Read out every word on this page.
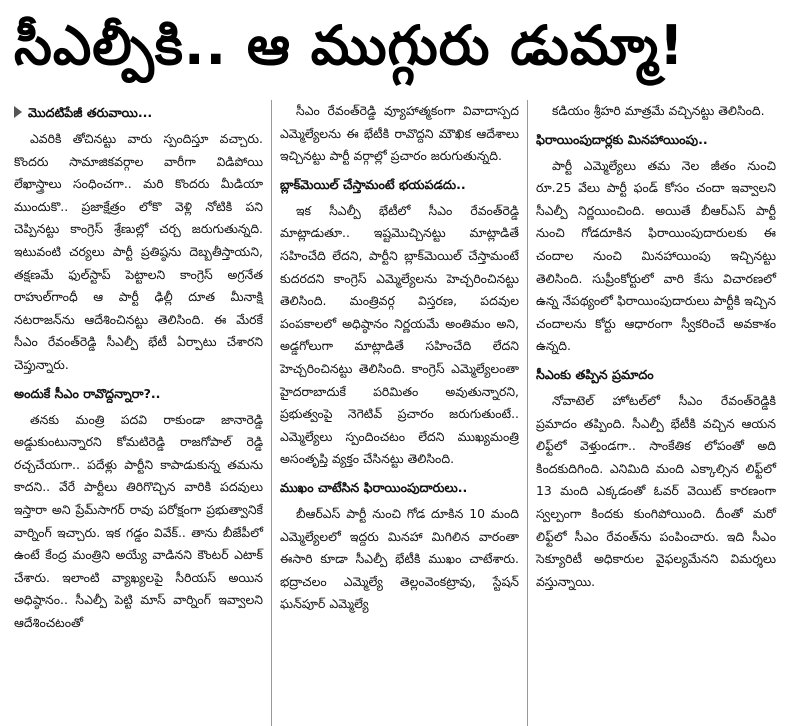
సీఎల్పీకి.. ఆ ముగ్గురు డుమ్మా!
మొదటిపేజీ తరువాయి...

ఎవరికి తోచినట్టు వారు స్పందిస్తూ వచ్చారు. కొందరు సామాజికవర్గాల వారీగా విడిపోయి లేఖాస్త్రాలు సంధించగా.. మరి కొందరు మీడియా ముందుకొ.. ప్రజాక్షేత్రం లోకొ వెళ్లి నోటికి పని చెప్పినట్టు కాంగ్రెస్ శ్రేణుల్లో చర్చ జరుగుతున్నది. ఇటువంటి చర్యలు పార్టీ ప్రతిష్ఠను దెబ్బతీస్తాయని, తక్షణమే ఫుల్‌స్టాప్ పెట్టాలని కాంగ్రెస్ అగ్రనేత రాహుల్‌గాంధీ ఆ పార్టీ ఢిల్లీ దూత మీనాక్షి నటరాజన్‌ను ఆదేశించినట్టు తెలిసింది. ఈ మేరకే సీఎం రేవంత్‌రెడ్డి సీఎల్పీ భేటీ ఏర్పాటు చేశారని చెప్తున్నారు.

అందుకే సీఎం రావొద్దన్నారా?..

తనకు మంత్రి పదవి రాకుండా జానారెడ్డి అడ్డుకుంటున్నారని కోమటిరెడ్డి రాజగోపాల్ రెడ్డి రచ్చచేయగా.. పదేళ్లు పార్టీని కాపాడుకున్న తమను కాదని.. వేరే పార్టీలు తిరిగొచ్చిన వారికి పదవులు ఇస్తారా అని ప్రేమ్‌సాగర్ రావు పరోక్షంగా ప్రభుత్వానికే వార్నింగ్ ఇచ్చారు. ఇక గడ్డం వివేక్.. తాను బీజేపీలో ఉంటే కేంద్ర మంత్రిని అయ్యే వాడినని కౌంటర్ ఎటాక్ చేశారు. ఇలాంటి వ్యాఖ్యలపై సీరియస్ అయిన అధిష్ఠానం.. సీఎల్పీ పెట్టి మాస్ వార్నింగ్ ఇవ్వాలని ఆదేశించటంతో

సీఎం రేవంత్‌రెడ్డి వ్యూహాత్మకంగా వివాదాస్పద ఎమ్మెల్యేలను ఈ భేటీకి రావొద్దని మౌఖిక ఆదేశాలు ఇచ్చినట్టు పార్టీ వర్గాల్లో ప్రచారం జరుగుతున్నది.

బ్లాక్‌మెయిల్ చేస్తామంటే భయపడదు..

ఇక సీఎల్పీ భేటీలో సీఎం రేవంత్‌రెడ్డి మాట్లాడుతూ.. ఇష్టమొచ్చినట్టు మాట్లాడితే సహించేది లేదని, పార్టీని బ్లాక్‌మెయిల్ చేస్తామంటే కుదరదని కాంగ్రెస్ ఎమ్మెల్యేలను హెచ్చరించినట్టు తెలిసింది. మంత్రివర్గ విస్తరణ, పదవుల పంపకాలలో అధిష్ఠానం నిర్ణయమే అంతిమం అని, అడ్డగోలుగా మాట్లాడితే సహించేది లేదని హెచ్చరించినట్టు తెలిసింది. కాంగ్రెస్ ఎమ్మెల్యేలంతా హైదరాబాదుకే పరిమితం అవుతున్నారని, ప్రభుత్వంపై నెగెటివ్ ప్రచారం జరుగుతుంటే.. ఎమ్మెల్యేలు స్పందించటం లేదని ముఖ్యమంత్రి అసంతృప్తి వ్యక్తం చేసినట్టు తెలిసింది.

ముఖం చాటేసిన ఫిరాయింపుదారులు..

బీఆర్‌ఎస్ పార్టీ నుంచి గోడ దూకిన 10 మంది ఎమ్మెల్యేలలో ఇద్దరు మినహా మిగిలిన వారంతా ఈసారి కూడా సీఎల్పీ భేటీకి ముఖం చాటేశారు. భద్రాచలం ఎమ్మెల్యే తెల్లంవెంకట్రావు, స్టేషన్ ఘన్‌పూర్ ఎమ్మెల్యే

కడియం శ్రీహరి మాత్రమే వచ్చినట్టు తెలిసింది.

ఫిరాయింపుదార్లకు మినహాయింపు..

పార్టీ ఎమ్మెల్యేలు తమ నెల జీతం నుంచి రూ.25 వేలు పార్టీ ఫండ్ కోసం చందా ఇవ్వాలని సీఎల్పీ నిర్ణయించింది. అయితే బీఆర్‌ఎస్ పార్టీ నుంచి గోడదూకిన ఫిరాయింపుదారులకు ఈ చందాల నుంచి మినహాయింపు ఇచ్చినట్టు తెలిసింది. సుప్రీంకోర్టులో వారి కేసు విచారణలో ఉన్న నేపథ్యంలో ఫిరాయింపుదారులు పార్టీకి ఇచ్చిన చందాలను కోర్టు ఆధారంగా స్వీకరించే అవకాశం ఉన్నది.

సీఎంకు తప్పిన ప్రమాదం

నోవాటెల్ హోటల్‌లో సీఎం రేవంత్‌రెడ్డికి ప్రమాదం తప్పింది. సీఎల్పీ భేటీకి వచ్చిన ఆయన లిఫ్ట్‌లో వెళ్తుండగా.. సాంకేతిక లోపంతో అది కిందకుదిగింది. ఎనిమిది మంది ఎక్కాల్సిన లిఫ్ట్‌లో 13 మంది ఎక్కడంతో ఓవర్ వెయిట్ కారణంగా స్వల్పంగా కిందకు కుంగిపోయింది. దీంతో మరో లిఫ్ట్‌లో సీఎం రేవంత్‌ను పంపించారు. ఇది సీఎం సెక్యూరిటీ అధికారుల వైఫల్యమేనని విమర్శలు వస్తున్నాయి.
